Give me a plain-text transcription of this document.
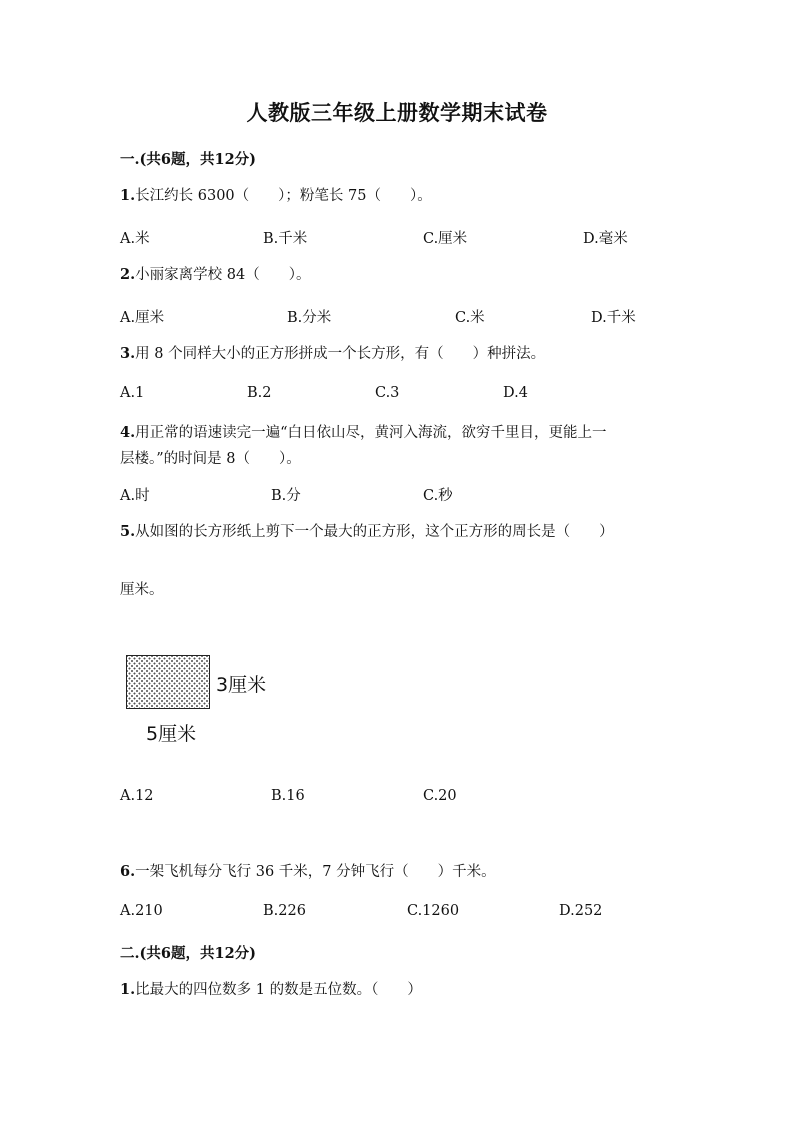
人教版三年级上册数学期末试卷
一.(共6题，共12分)
1.长江约长 6300（　　）；粉笔长 75（　　）。
A.米	B.千米	C.厘米	D.毫米
2.小丽家离学校 84（　　）。
A.厘米	B.分米	C.米	D.千米
3.用 8 个同样大小的正方形拼成一个长方形，有（　　）种拼法。
A.1	B.2	C.3	D.4
4.用正常的语速读完一遍“白日依山尽，黄河入海流，欲穷千里目，更能上一
层楼。”的时间是 8（　　）。
A.时	B.分	C.秒
5.从如图的长方形纸上剪下一个最大的正方形，这个正方形的周长是（　　）
厘米。
3厘米
5厘米
A.12	B.16	C.20
6.一架飞机每分飞行 36 千米，7 分钟飞行（　　）千米。
A.210	B.226	C.1260	D.252
二.(共6题，共12分)
1.比最大的四位数多 1 的数是五位数。（　　）
